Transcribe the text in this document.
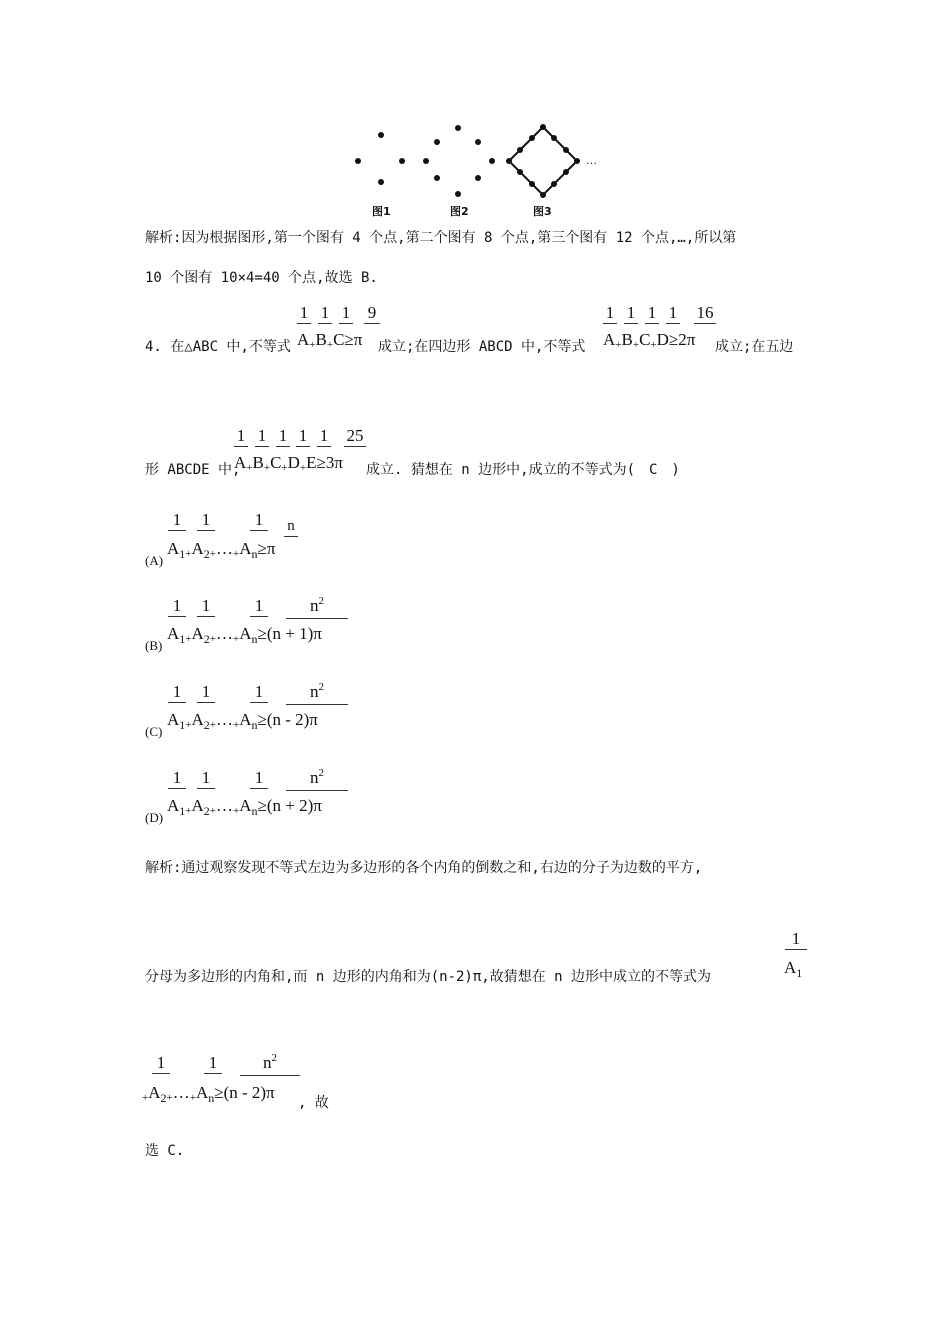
…
图1	图2	图3
解析:因为根据图形,第一个图有 4 个点,第二个图有 8 个点,第三个图有 12 个点,…,所以第
10 个图有 10×4=40 个点,故选 B.
4. 在△ABC 中,不等式
1 1 1 9
A+B+C≥π 成立;在四边形 ABCD 中,不等式
1 1 1 1 16
A+B+C+D≥2π 成立;在五边
形 ABCDE 中,
1 1 1 1 1 25
A+B+C+D+E≥3π 成立. 猜想在 n 边形中,成立的不等式为(　C　)
1 1	1	n
(A)
$A_1+A_2+\dots+A_n\ge\pi$
1 1	1	$n^2$
(B)
$A_1+A_2+\dots+A_n\ge(n + 1)\pi$
1 1	1	$n^2$
(C)
$A_1+A_2+\dots+A_n\ge(n - 2)\pi$
1 1	1	$n^2$
(D)
$A_1+A_2+\dots+A_n\ge(n + 2)\pi$
解析:通过观察发现不等式左边为多边形的各个内角的倒数之和,右边的分子为边数的平方,
分母为多边形的内角和,而 n 边形的内角和为(n-2)π,故猜想在 n 边形中成立的不等式为
1
$A_1$
1	1	$n^2$
$+A_2+\dots+A_n\ge(n - 2)\pi$
, 故
选 C.
